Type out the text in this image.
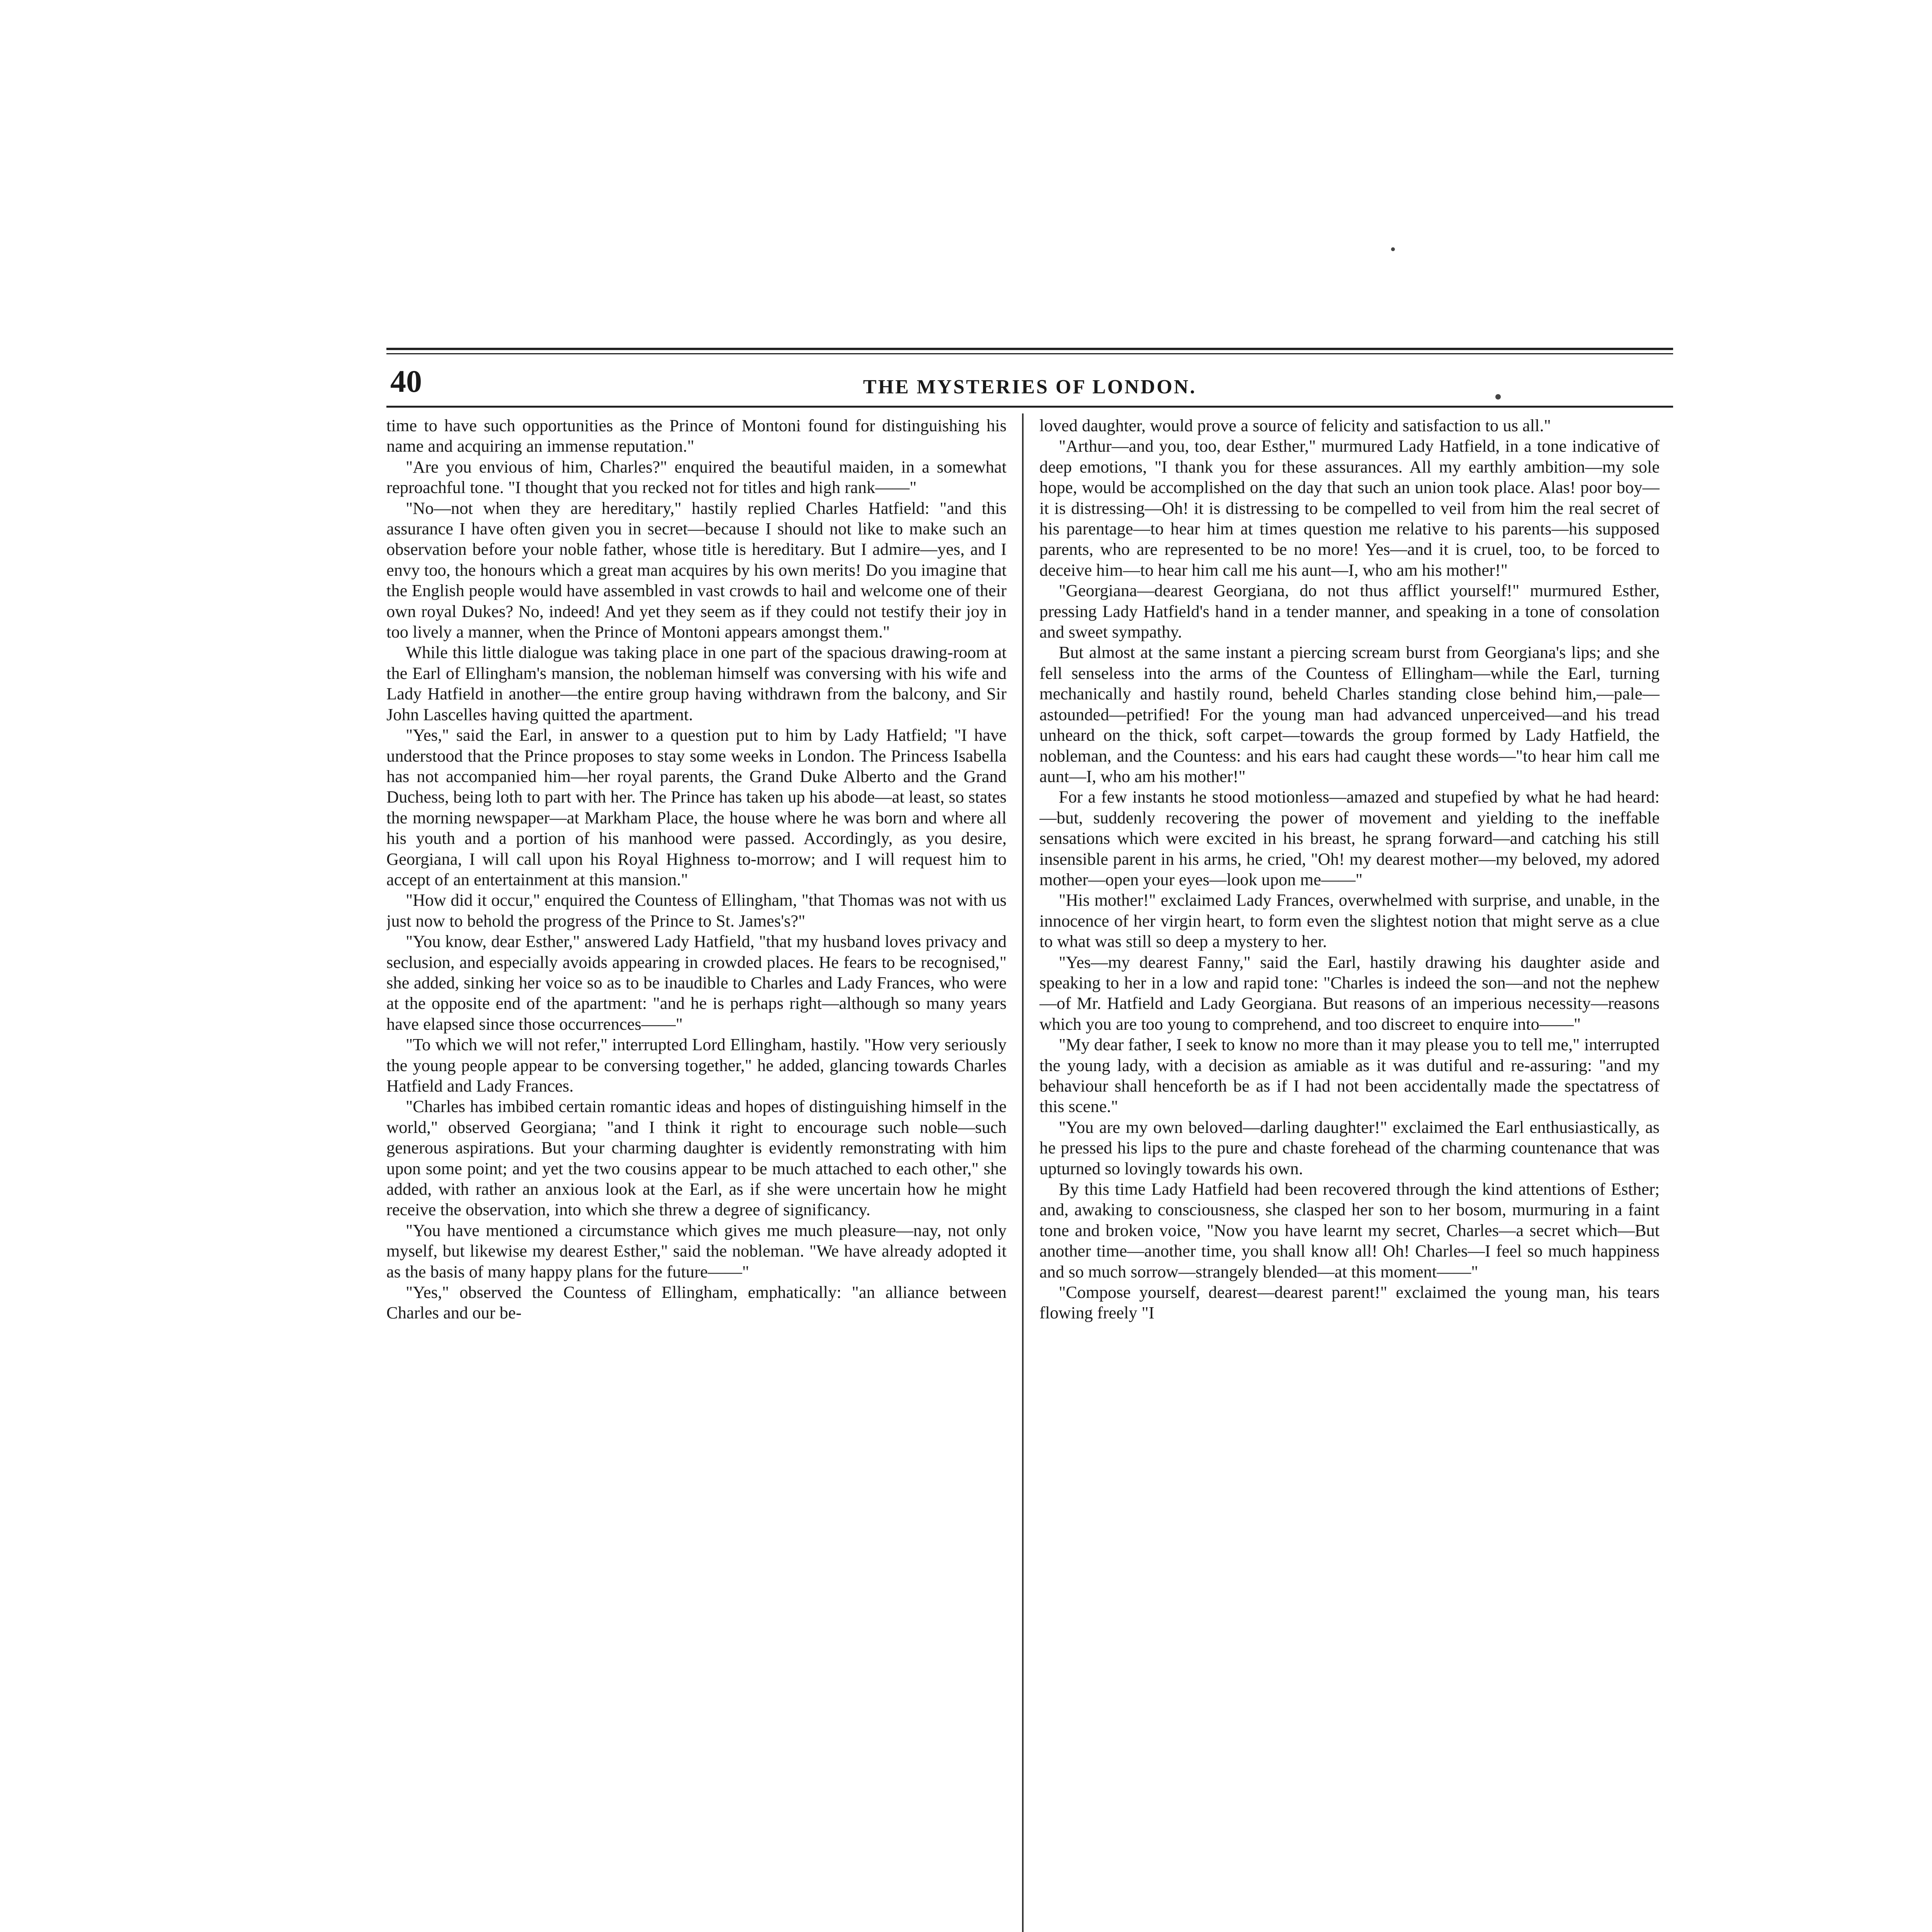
40	THE MYSTERIES OF LONDON.

time to have such opportunities as the Prince of Montoni found for distinguishing his name and acquiring an immense reputation."

"Are you envious of him, Charles?" enquired the beautiful maiden, in a somewhat reproachful tone. "I thought that you recked not for titles and high rank——"

"No—not when they are hereditary," hastily replied Charles Hatfield: "and this assurance I have often given you in secret—because I should not like to make such an observation before your noble father, whose title is hereditary. But I admire—yes, and I envy too, the honours which a great man acquires by his own merits! Do you imagine that the English people would have assembled in vast crowds to hail and welcome one of their own royal Dukes? No, indeed! And yet they seem as if they could not testify their joy in too lively a manner, when the Prince of Montoni appears amongst them."

While this little dialogue was taking place in one part of the spacious drawing-room at the Earl of Ellingham's mansion, the nobleman himself was conversing with his wife and Lady Hatfield in another—the entire group having withdrawn from the balcony, and Sir John Lascelles having quitted the apartment.

"Yes," said the Earl, in answer to a question put to him by Lady Hatfield; "I have understood that the Prince proposes to stay some weeks in London. The Princess Isabella has not accompanied him—her royal parents, the Grand Duke Alberto and the Grand Duchess, being loth to part with her. The Prince has taken up his abode—at least, so states the morning newspaper—at Markham Place, the house where he was born and where all his youth and a portion of his manhood were passed. Accordingly, as you desire, Georgiana, I will call upon his Royal Highness to-morrow; and I will request him to accept of an entertainment at this mansion."

"How did it occur," enquired the Countess of Ellingham, "that Thomas was not with us just now to behold the progress of the Prince to St. James's?"

"You know, dear Esther," answered Lady Hatfield, "that my husband loves privacy and seclusion, and especially avoids appearing in crowded places. He fears to be recognised," she added, sinking her voice so as to be inaudible to Charles and Lady Frances, who were at the opposite end of the apartment: "and he is perhaps right—although so many years have elapsed since those occurrences——"

"To which we will not refer," interrupted Lord Ellingham, hastily. "How very seriously the young people appear to be conversing together," he added, glancing towards Charles Hatfield and Lady Frances.

"Charles has imbibed certain romantic ideas and hopes of distinguishing himself in the world," observed Georgiana; "and I think it right to encourage such noble—such generous aspirations. But your charming daughter is evidently remonstrating with him upon some point; and yet the two cousins appear to be much attached to each other," she added, with rather an anxious look at the Earl, as if she were uncertain how he might receive the observation, into which she threw a degree of significancy.

"You have mentioned a circumstance which gives me much pleasure—nay, not only myself, but likewise my dearest Esther," said the nobleman. "We have already adopted it as the basis of many happy plans for the future——"

"Yes," observed the Countess of Ellingham, emphatically: "an alliance between Charles and our be-

loved daughter, would prove a source of felicity and satisfaction to us all."

"Arthur—and you, too, dear Esther," murmured Lady Hatfield, in a tone indicative of deep emotions, "I thank you for these assurances. All my earthly ambition—my sole hope, would be accomplished on the day that such an union took place. Alas! poor boy—it is distressing—Oh! it is distressing to be compelled to veil from him the real secret of his parentage—to hear him at times question me relative to his parents—his supposed parents, who are represented to be no more! Yes—and it is cruel, too, to be forced to deceive him—to hear him call me his aunt—I, who am his mother!"

"Georgiana—dearest Georgiana, do not thus afflict yourself!" murmured Esther, pressing Lady Hatfield's hand in a tender manner, and speaking in a tone of consolation and sweet sympathy.

But almost at the same instant a piercing scream burst from Georgiana's lips; and she fell senseless into the arms of the Countess of Ellingham—while the Earl, turning mechanically and hastily round, beheld Charles standing close behind him,—pale—astounded—petrified! For the young man had advanced unperceived—and his tread unheard on the thick, soft carpet—towards the group formed by Lady Hatfield, the nobleman, and the Countess: and his ears had caught these words—"to hear him call me aunt—I, who am his mother!"

For a few instants he stood motionless—amazed and stupefied by what he had heard:—but, suddenly recovering the power of movement and yielding to the ineffable sensations which were excited in his breast, he sprang forward—and catching his still insensible parent in his arms, he cried, "Oh! my dearest mother—my beloved, my adored mother—open your eyes—look upon me——"

"His mother!" exclaimed Lady Frances, overwhelmed with surprise, and unable, in the innocence of her virgin heart, to form even the slightest notion that might serve as a clue to what was still so deep a mystery to her.

"Yes—my dearest Fanny," said the Earl, hastily drawing his daughter aside and speaking to her in a low and rapid tone: "Charles is indeed the son—and not the nephew—of Mr. Hatfield and Lady Georgiana. But reasons of an imperious necessity—reasons which you are too young to comprehend, and too discreet to enquire into——"

"My dear father, I seek to know no more than it may please you to tell me," interrupted the young lady, with a decision as amiable as it was dutiful and re-assuring: "and my behaviour shall henceforth be as if I had not been accidentally made the spectatress of this scene."

"You are my own beloved—darling daughter!" exclaimed the Earl enthusiastically, as he pressed his lips to the pure and chaste forehead of the charming countenance that was upturned so lovingly towards his own.

By this time Lady Hatfield had been recovered through the kind attentions of Esther; and, awaking to consciousness, she clasped her son to her bosom, murmuring in a faint tone and broken voice, "Now you have learnt my secret, Charles—a secret which—But another time—another time, you shall know all! Oh! Charles—I feel so much happiness and so much sorrow—strangely blended—at this moment——"

"Compose yourself, dearest—dearest parent!" exclaimed the young man, his tears flowing freely "I
